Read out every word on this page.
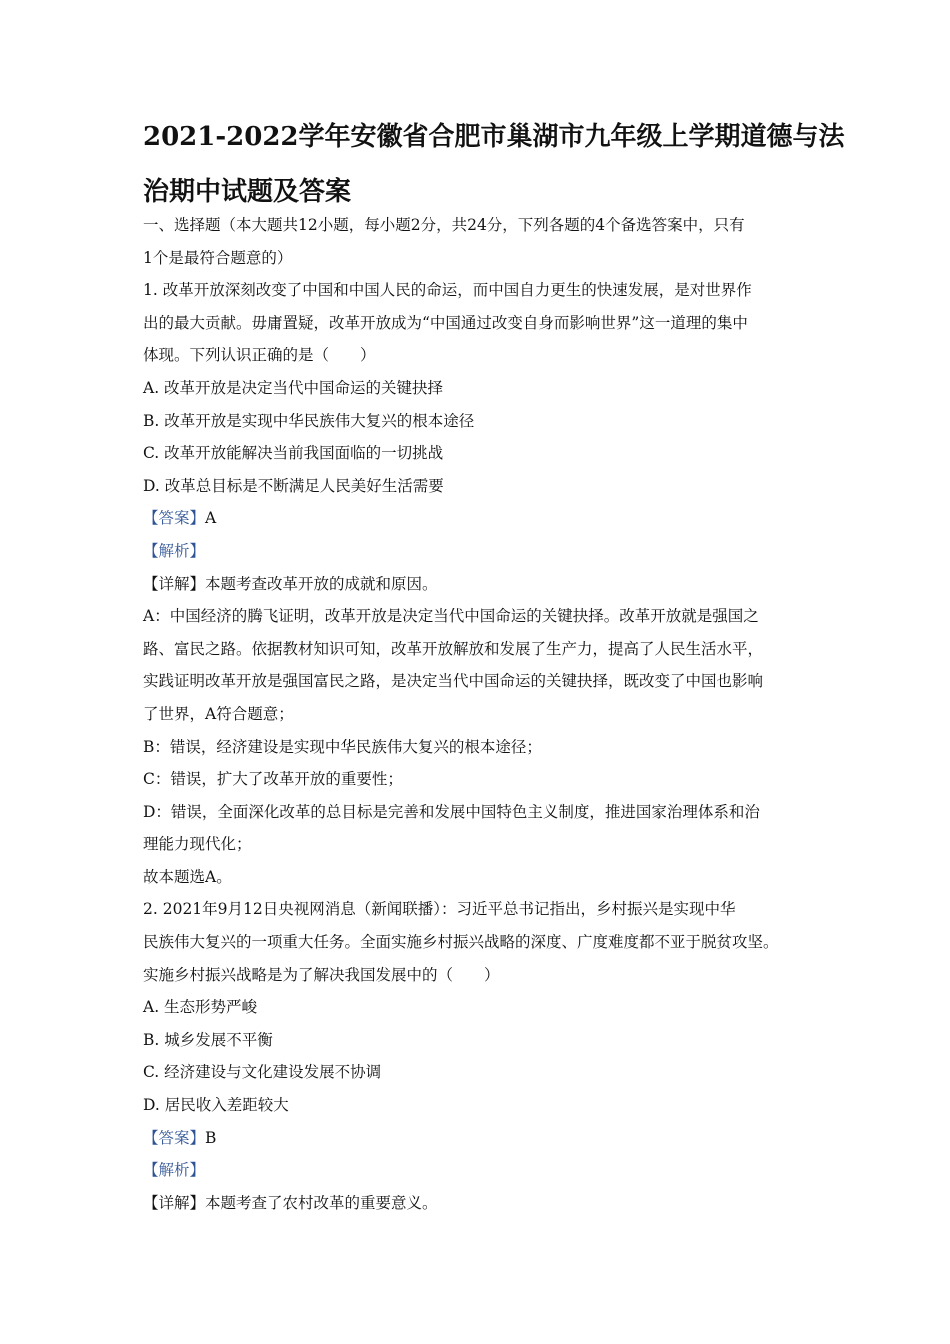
2021-2022学年安徽省合肥市巢湖市九年级上学期道德与法
治期中试题及答案

一、选择题（本大题共12小题，每小题2分，共24分，下列各题的4个备选答案中，只有

1个是最符合题意的）

1. 改革开放深刻改变了中国和中国人民的命运，而中国自力更生的快速发展，是对世界作

出的最大贡献。毋庸置疑，改革开放成为“中国通过改变自身而影响世界”这一道理的集中

体现。下列认识正确的是（　　）

A. 改革开放是决定当代中国命运的关键抉择

B. 改革开放是实现中华民族伟大复兴的根本途径

C. 改革开放能解决当前我国面临的一切挑战

D. 改革总目标是不断满足人民美好生活需要

【答案】A

【解析】

【详解】本题考查改革开放的成就和原因。

A：中国经济的腾飞证明，改革开放是决定当代中国命运的关键抉择。改革开放就是强国之

路、富民之路。依据教材知识可知，改革开放解放和发展了生产力，提高了人民生活水平，

实践证明改革开放是强国富民之路，是决定当代中国命运的关键抉择，既改变了中国也影响

了世界，A符合题意；

B：错误，经济建设是实现中华民族伟大复兴的根本途径；

C：错误，扩大了改革开放的重要性；

D：错误，全面深化改革的总目标是完善和发展中国特色主义制度，推进国家治理体系和治

理能力现代化；

故本题选A。

2. 2021年9月12日央视网消息（新闻联播）：习近平总书记指出，乡村振兴是实现中华

民族伟大复兴的一项重大任务。全面实施乡村振兴战略的深度、广度难度都不亚于脱贫攻坚。

实施乡村振兴战略是为了解决我国发展中的（　　）

A. 生态形势严峻

B. 城乡发展不平衡

C. 经济建设与文化建设发展不协调

D. 居民收入差距较大

【答案】B

【解析】

【详解】本题考查了农村改革的重要意义。
